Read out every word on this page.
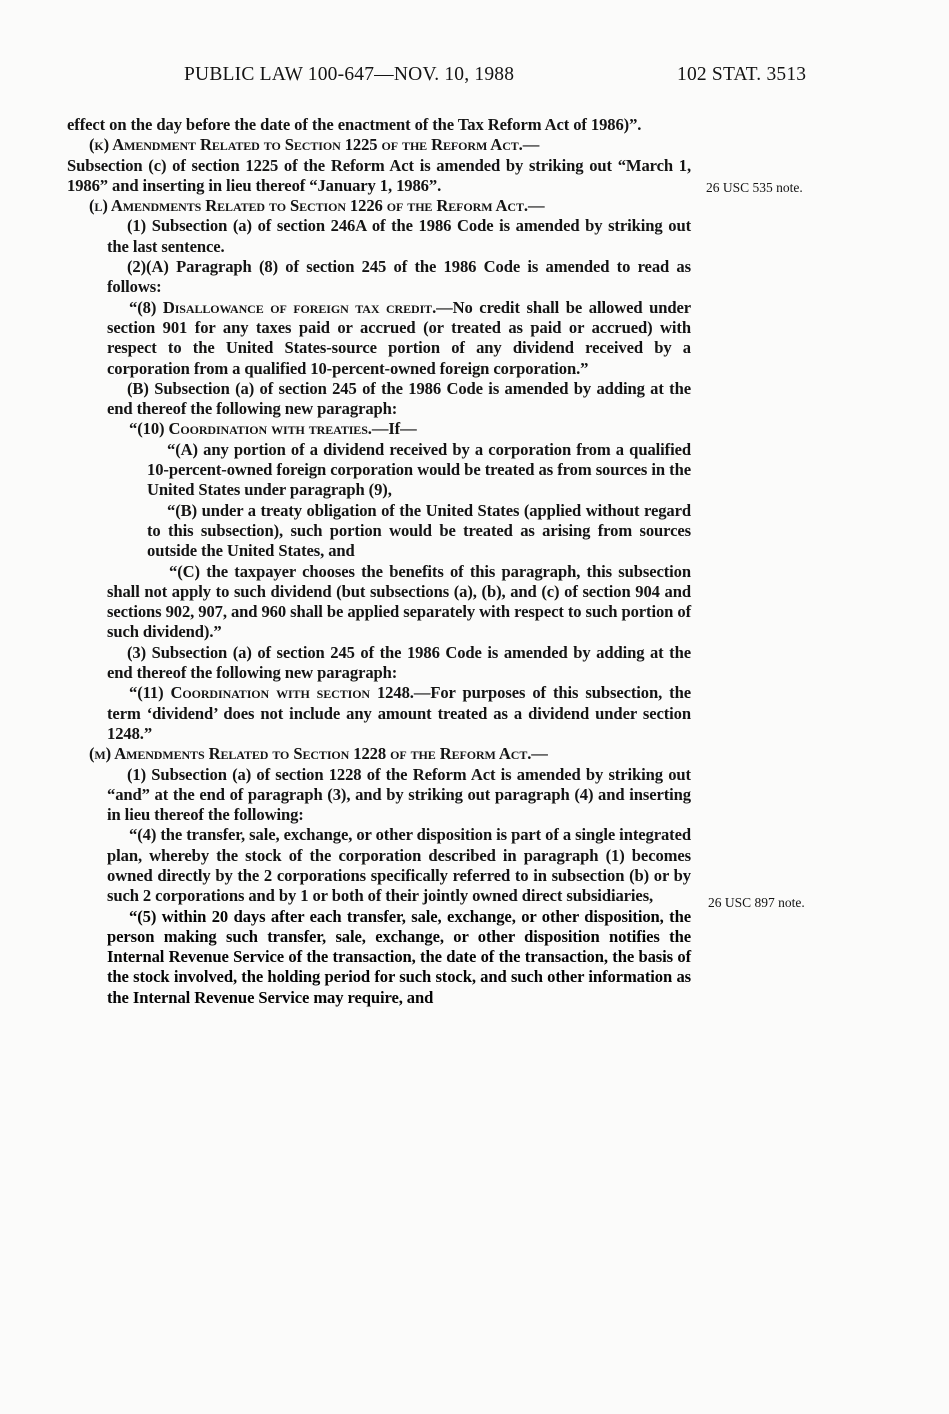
PUBLIC LAW 100-647—NOV. 10, 1988	102 STAT. 3513
26 USC 535 note.
26 USC 897 note.

effect on the day before the date of the enactment of the Tax Reform Act of 1986)”.

(k) Amendment Related to Section 1225 of the Reform Act.—

Subsection (c) of section 1225 of the Reform Act is amended by striking out “March 1, 1986” and inserting in lieu thereof “January 1, 1986”.

(l) Amendments Related to Section 1226 of the Reform Act.—

(1) Subsection (a) of section 246A of the 1986 Code is amended by striking out the last sentence.

(2)(A) Paragraph (8) of section 245 of the 1986 Code is amended to read as follows:

“(8) Disallowance of foreign tax credit.—No credit shall be allowed under section 901 for any taxes paid or accrued (or treated as paid or accrued) with respect to the United States-source portion of any dividend received by a corporation from a qualified 10-percent-owned foreign corporation.”

(B) Subsection (a) of section 245 of the 1986 Code is amended by adding at the end thereof the following new paragraph:

“(10) Coordination with treaties.—If—

“(A) any portion of a dividend received by a corporation from a qualified 10-percent-owned foreign corporation would be treated as from sources in the United States under paragraph (9),

“(B) under a treaty obligation of the United States (applied without regard to this subsection), such portion would be treated as arising from sources outside the United States, and

“(C) the taxpayer chooses the benefits of this paragraph, this subsection shall not apply to such dividend (but subsections (a), (b), and (c) of section 904 and sections 902, 907, and 960 shall be applied separately with respect to such portion of such dividend).”

(3) Subsection (a) of section 245 of the 1986 Code is amended by adding at the end thereof the following new paragraph:

“(11) Coordination with section 1248.—For purposes of this subsection, the term ‘dividend’ does not include any amount treated as a dividend under section 1248.”

(m) Amendments Related to Section 1228 of the Reform Act.—

(1) Subsection (a) of section 1228 of the Reform Act is amended by striking out “and” at the end of paragraph (3), and by striking out paragraph (4) and inserting in lieu thereof the following:

“(4) the transfer, sale, exchange, or other disposition is part of a single integrated plan, whereby the stock of the corporation described in paragraph (1) becomes owned directly by the 2 corporations specifically referred to in subsection (b) or by such 2 corporations and by 1 or both of their jointly owned direct subsidiaries,

“(5) within 20 days after each transfer, sale, exchange, or other disposition, the person making such transfer, sale, exchange, or other disposition notifies the Internal Revenue Service of the transaction, the date of the transaction, the basis of the stock involved, the holding period for such stock, and such other information as the Internal Revenue Service may require, and
